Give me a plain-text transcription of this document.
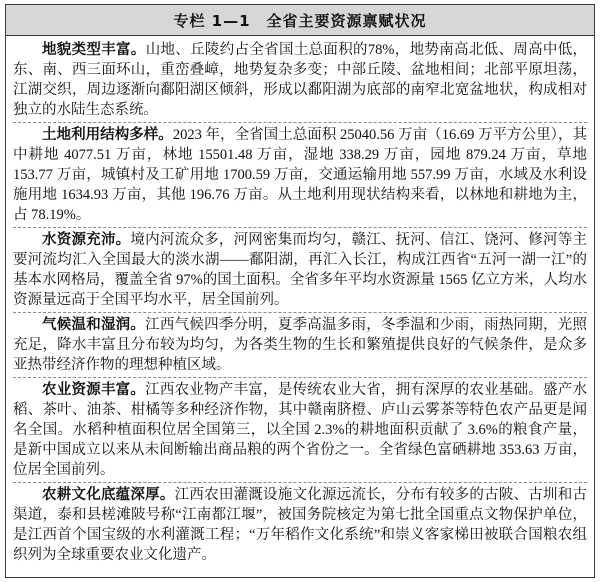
专栏 1—1 全省主要资源禀赋状况

地貌类型丰富。山地、丘陵约占全省国土总面积的78%，地势南高北低、周高中低，东、南、西三面环山，重峦叠嶂，地势复杂多变；中部丘陵、盆地相间；北部平原坦荡，江湖交织，周边逐渐向鄱阳湖区倾斜，形成以鄱阳湖为底部的南窄北宽盆地状，构成相对独立的水陆生态系统。

土地利用结构多样。2023 年，全省国土总面积 25040.56 万亩（16.69 万平方公里），其中耕地 4077.51 万亩，林地 15501.48 万亩，湿地 338.29 万亩，园地 879.24 万亩，草地 153.77 万亩，城镇村及工矿用地 1700.59 万亩，交通运输用地 557.99 万亩，水域及水利设施用地 1634.93 万亩，其他 196.76 万亩。从土地利用现状结构来看，以林地和耕地为主，占 78.19%。

水资源充沛。境内河流众多，河网密集而均匀，赣江、抚河、信江、饶河、修河等主要河流均汇入全国最大的淡水湖——鄱阳湖，再汇入长江，构成江西省“五河一湖一江”的基本水网格局，覆盖全省 97%的国土面积。全省多年平均水资源量 1565 亿立方米，人均水资源量远高于全国平均水平，居全国前列。

气候温和湿润。江西气候四季分明，夏季高温多雨，冬季温和少雨，雨热同期，光照充足，降水丰富且分布较为均匀，为各类生物的生长和繁殖提供良好的气候条件，是众多亚热带经济作物的理想种植区域。

农业资源丰富。江西农业物产丰富，是传统农业大省，拥有深厚的农业基础。盛产水稻、茶叶、油茶、柑橘等多种经济作物，其中赣南脐橙、庐山云雾茶等特色农产品更是闻名全国。水稻种植面积位居全国第三，以全国 2.3%的耕地面积贡献了 3.6%的粮食产量，是新中国成立以来从未间断输出商品粮的两个省份之一。全省绿色富硒耕地 353.63 万亩，位居全国前列。

农耕文化底蕴深厚。江西农田灌溉设施文化源远流长，分布有较多的古陂、古圳和古渠道，泰和县槎滩陂号称“江南都江堰”，被国务院核定为第七批全国重点文物保护单位，是江西首个国宝级的水利灌溉工程；“万年稻作文化系统”和崇义客家梯田被联合国粮农组织列为全球重要农业文化遗产。
